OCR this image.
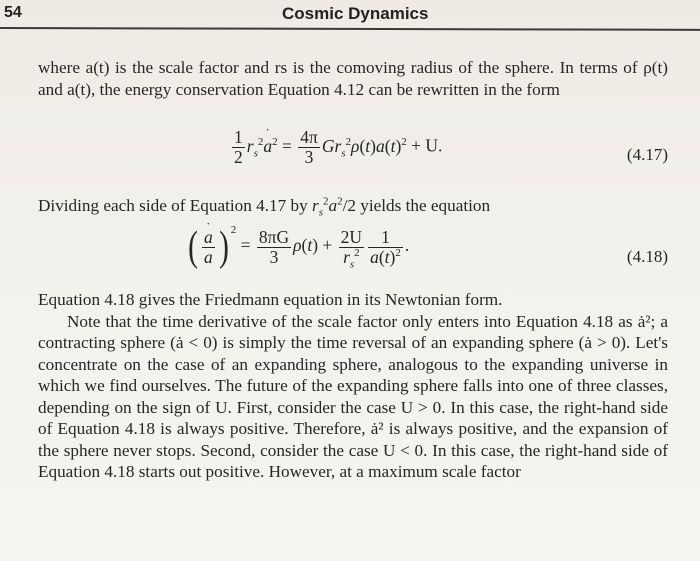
54	Cosmic Dynamics
where a(t) is the scale factor and rs is the comoving radius of the sphere. In terms of ρ(t) and a(t), the energy conservation Equation 4.12 can be rewritten in the form
$\frac{1}{2} r_s^2a$ ˙$^2$ = $\frac{4\pi}{3} Gr_s^2\rho(t)a(t)^2 + U$.	(4.17)
Dividing each side of Equation 4.17 by $r_s^2a^2/2$ yields the equation
( $\frac{a ˙}{a}$ ) $^2 = \frac{8\pi G}{3} \rho(t) + \frac{2U}{r_s^2} \frac{1}{a(t)^2}$ .
(4.18)
Equation 4.18 gives the Friedmann equation in its Newtonian form.
Note that the time derivative of the scale factor only enters into Equation 4.18 as ȧ²; a contracting sphere (ȧ < 0) is simply the time reversal of an expanding sphere (ȧ > 0). Let's concentrate on the case of an expanding sphere, analogous to the expanding universe in which we find ourselves. The future of the expanding sphere falls into one of three classes, depending on the sign of U. First, consider the case U > 0. In this case, the right-hand side of Equation 4.18 is always positive. Therefore, ȧ² is always positive, and the expansion of the sphere never stops. Second, consider the case U < 0. In this case, the right-hand side of Equation 4.18 starts out positive. However, at a maximum scale factor
